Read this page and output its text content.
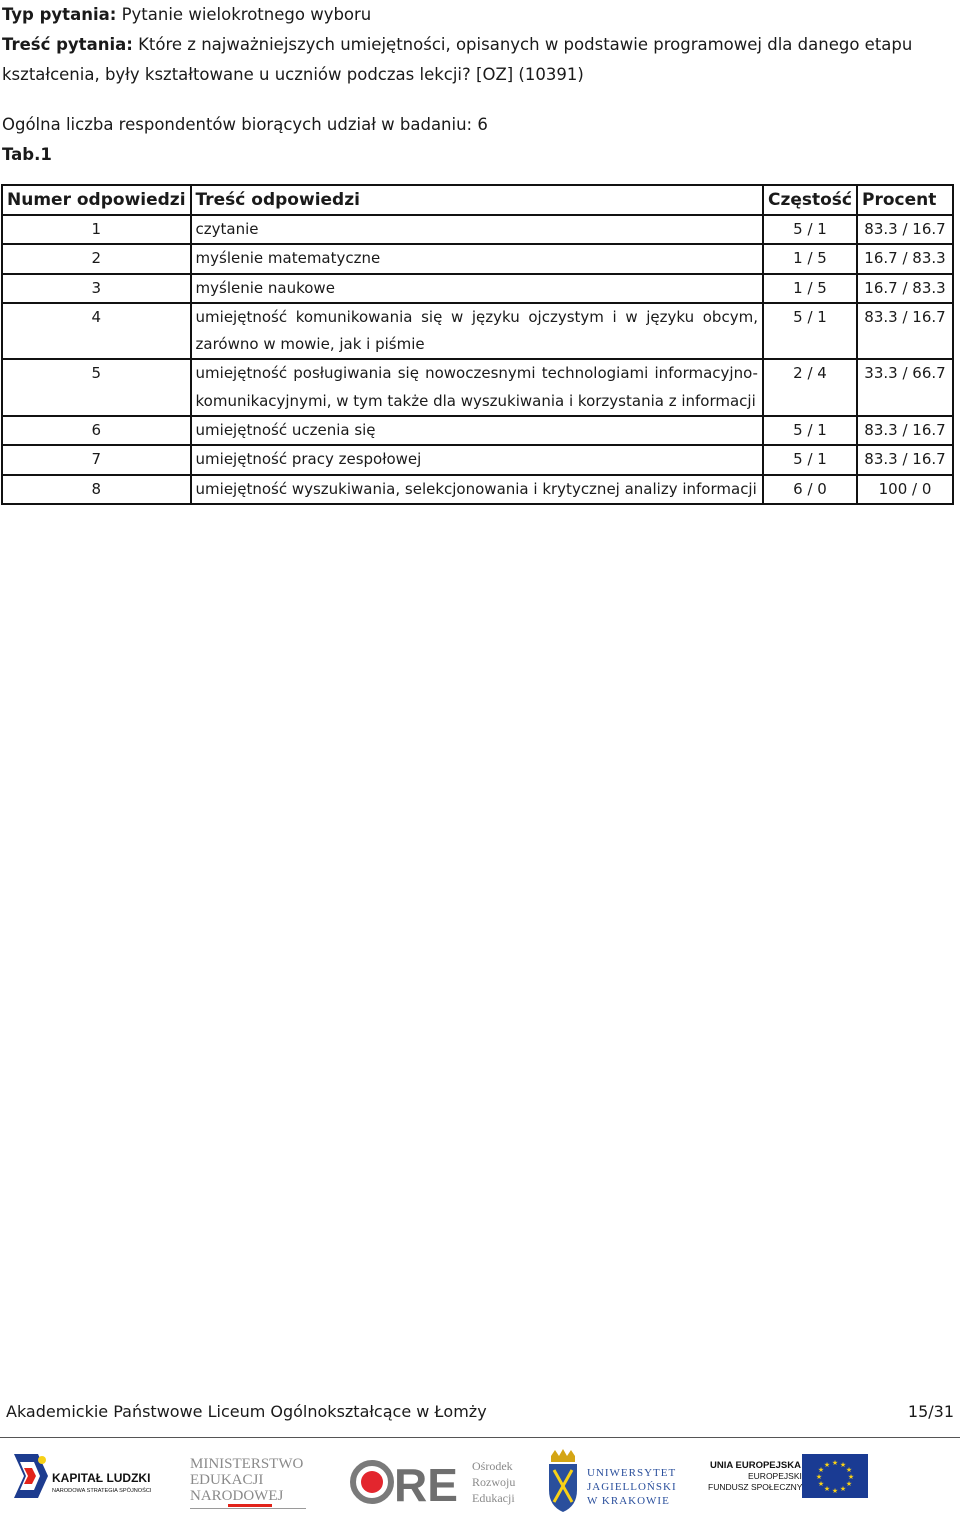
Typ pytania: Pytanie wielokrotnego wyboru
Treść pytania: Które z najważniejszych umiejętności, opisanych w podstawie programowej dla danego etapu kształcenia, były kształtowane u uczniów podczas lekcji? [OZ] (10391)
Ogólna liczba respondentów biorących udział w badaniu: 6
Tab.1
Numer odpowiedzi	Treść odpowiedzi	Częstość	Procent
1	czytanie	5 / 1	83.3 / 16.7
2	myślenie matematyczne	1 / 5	16.7 / 83.3
3	myślenie naukowe	1 / 5	16.7 / 83.3
4	umiejętność komunikowania się w języku ojczystym i w języku obcym, zarówno w mowie, jak i piśmie	5 / 1	83.3 / 16.7
5	umiejętność posługiwania się nowoczesnymi technologiami informacyjno-komunikacyjnymi, w tym także dla wyszukiwania i korzystania z informacji	2 / 4	33.3 / 66.7
6	umiejętność uczenia się	5 / 1	83.3 / 16.7
7	umiejętność pracy zespołowej	5 / 1	83.3 / 16.7
8	umiejętność wyszukiwania, selekcjonowania i krytycznej analizy informacji	6 / 0	100 / 0
Akademickie Państwowe Liceum Ogólnokształcące w Łomży	15/31
KAPITAŁ LUDZKI
NARODOWA STRATEGIA SPÓJNOŚCI
MINISTERSTWO
EDUKACJI
NARODOWEJ RE Ośrodek
Rozwoju
Edukacji
UNIWERSYTET
JAGIELLOŃSKI
W KRAKOWIE
UNIA EUROPEJSKA
EUROPEJSKI
FUNDUSZ SPOŁECZNY
★ ★
★
★
★
★
★
★
★
★
★
★
